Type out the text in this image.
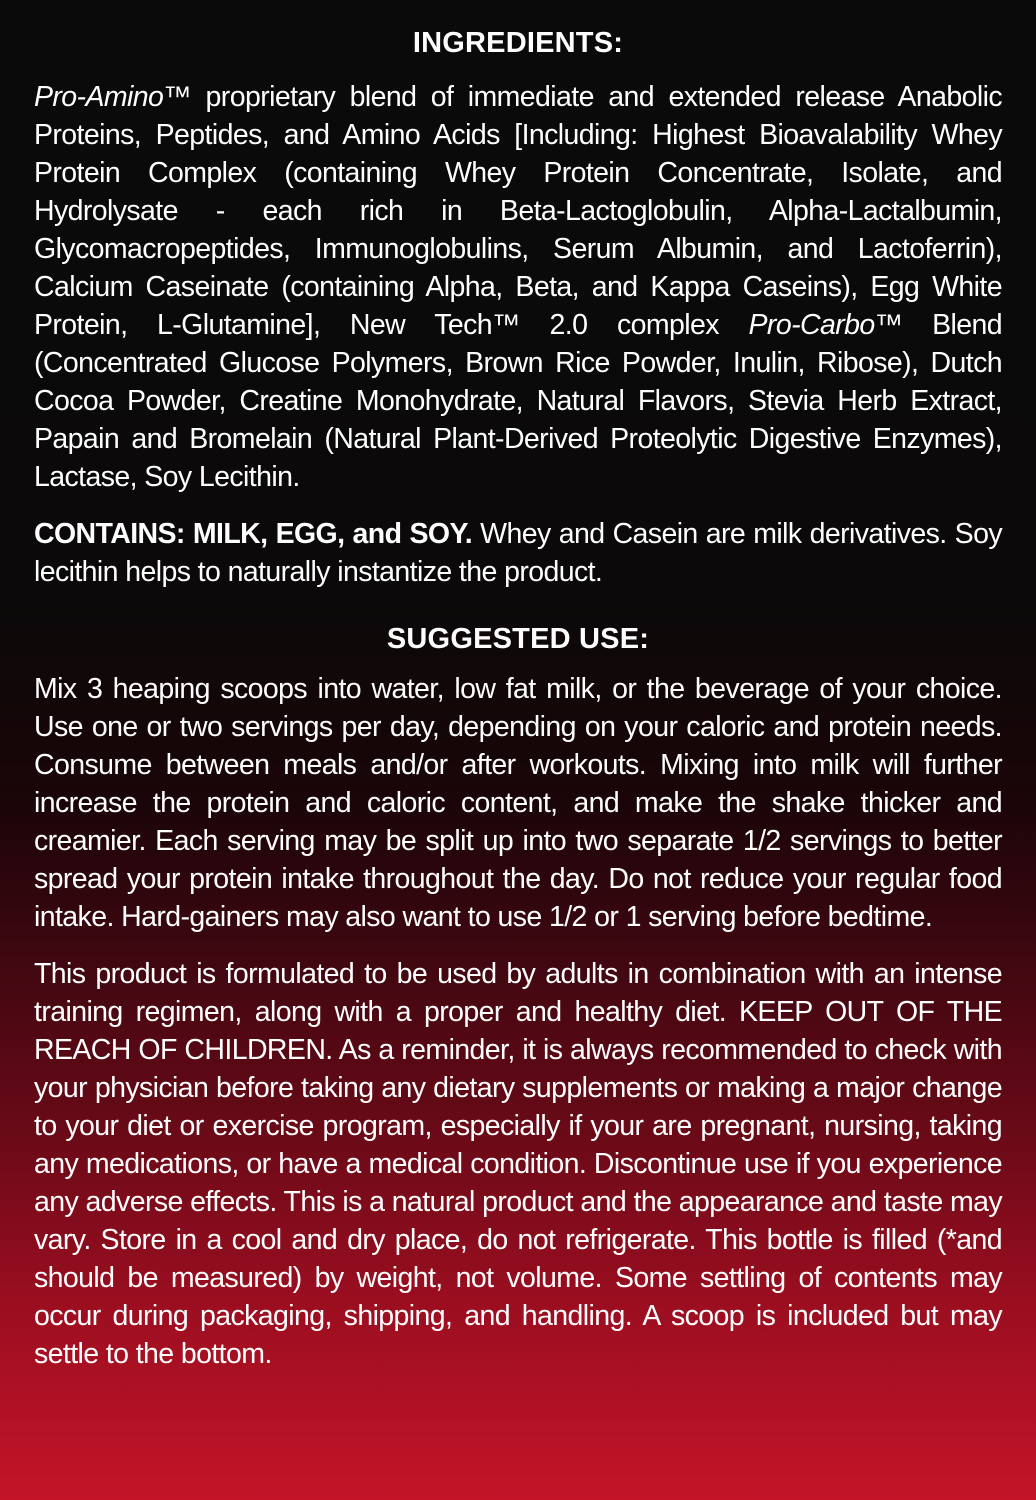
INGREDIENTS:

Pro-Amino™ proprietary blend of immediate and extended release Anabolic Proteins, Peptides, and Amino Acids [Including: Highest Bioavalability Whey Protein Complex (containing Whey Protein Concentrate, Isolate, and Hydrolysate - each rich in Beta-Lactoglobulin, Alpha-Lactalbumin, Glycomacropeptides, Immunoglobulins, Serum Albumin, and Lactoferrin), Calcium Caseinate (containing Alpha, Beta, and Kappa Caseins), Egg White Protein, L-Glutamine], New Tech™ 2.0 complex Pro-Carbo™ Blend (Concentrated Glucose Polymers, Brown Rice Powder, Inulin, Ribose), Dutch Cocoa Powder, Creatine Monohydrate, Natural Flavors, Stevia Herb Extract, Papain and Bromelain (Natural Plant-Derived Proteolytic Digestive Enzymes), Lactase, Soy Lecithin.

CONTAINS: MILK, EGG, and SOY. Whey and Casein are milk derivatives. Soy lecithin helps to naturally instantize the product.

SUGGESTED USE:

Mix 3 heaping scoops into water, low fat milk, or the beverage of your choice. Use one or two servings per day, depending on your caloric and protein needs. Consume between meals and/or after workouts. Mixing into milk will further increase the protein and caloric content, and make the shake thicker and creamier. Each serving may be split up into two separate 1/2 servings to better spread your protein intake throughout the day. Do not reduce your regular food intake. Hard-gainers may also want to use 1/2 or 1 serving before bedtime.

This product is formulated to be used by adults in combination with an intense training regimen, along with a proper and healthy diet. KEEP OUT OF THE REACH OF CHILDREN. As a reminder, it is always recommended to check with your physician before taking any dietary supplements or making a major change to your diet or exercise program, especially if your are pregnant, nursing, taking any medications, or have a medical condition. Discontinue use if you experience any adverse effects. This is a natural product and the appearance and taste may vary. Store in a cool and dry place, do not refrigerate. This bottle is filled (*and should be measured) by weight, not volume. Some settling of contents may occur during packaging, shipping, and handling. A scoop is included but may settle to the bottom.
